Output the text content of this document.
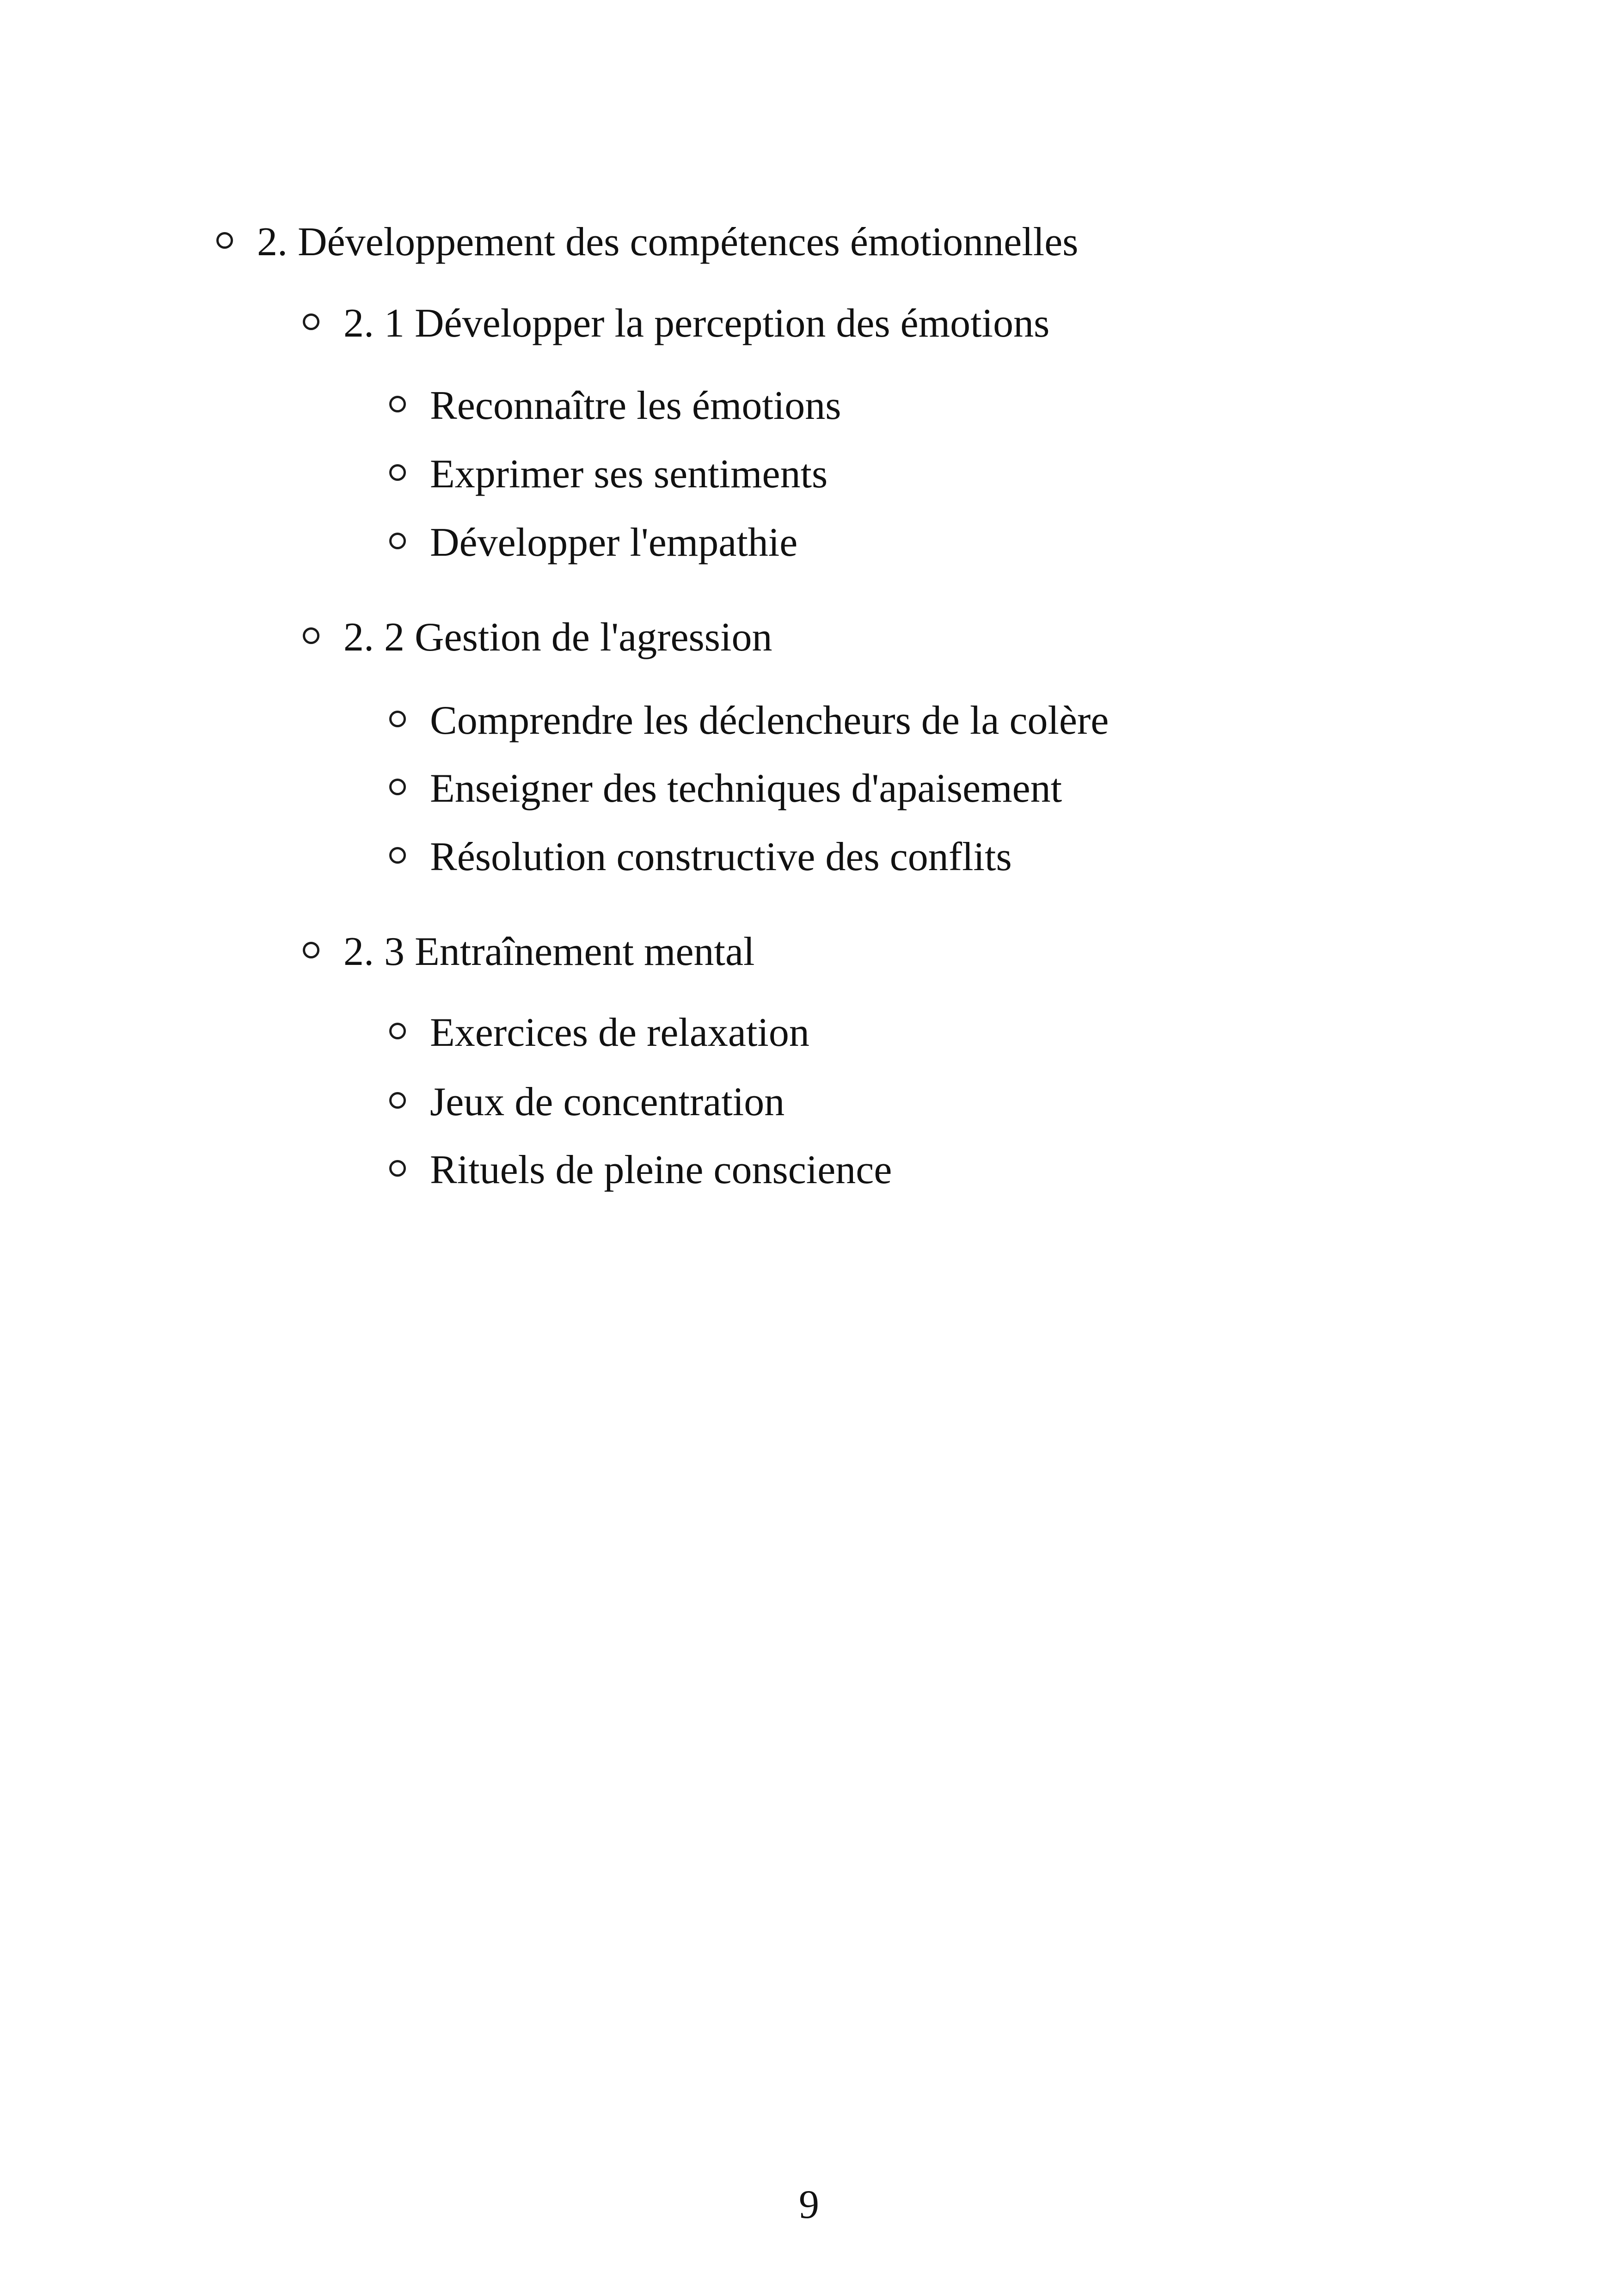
2. Développement des compétences émotionnelles
2. 1 Développer la perception des émotions
Reconnaître les émotions
Exprimer ses sentiments
Développer l'empathie
2. 2 Gestion de l'agression
Comprendre les déclencheurs de la colère
Enseigner des techniques d'apaisement
Résolution constructive des conflits
2. 3 Entraînement mental
Exercices de relaxation
Jeux de concentration
Rituels de pleine conscience
9
